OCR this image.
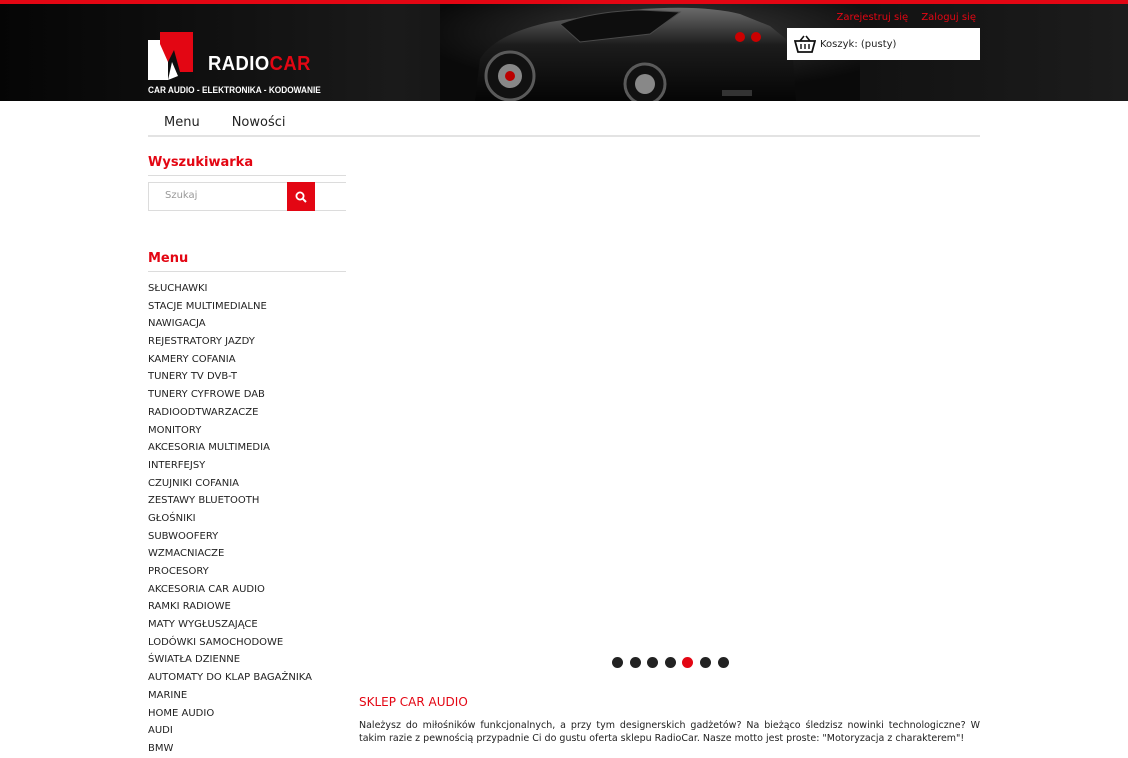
RADIOCAR
CAR AUDIO - ELEKTRONIKA - KODOWANIE
Zarejestruj się Zaloguj się
Koszyk: (pusty)
Menu	Nowości
Wyszukiwarka
Szukaj
Menu
SŁUCHAWKI
STACJE MULTIMEDIALNE
NAWIGACJA
REJESTRATORY JAZDY
KAMERY COFANIA
TUNERY TV DVB-T
TUNERY CYFROWE DAB
RADIOODTWARZACZE
MONITORY
AKCESORIA MULTIMEDIA
INTERFEJSY
CZUJNIKI COFANIA
ZESTAWY BLUETOOTH
GŁOŚNIKI
SUBWOOFERY
WZMACNIACZE
PROCESORY
AKCESORIA CAR AUDIO
RAMKI RADIOWE
MATY WYGŁUSZAJĄCE
LODÓWKI SAMOCHODOWE
ŚWIATŁA DZIENNE
AUTOMATY DO KLAP BAGAŻNIKA
MARINE
HOME AUDIO
AUDI
BMW
SKLEP CAR AUDIO

Należysz do miłośników funkcjonalnych, a przy tym designerskich gadżetów? Na bieżąco śledzisz nowinki technologiczne? W takim razie z pewnością przypadnie Ci do gustu oferta sklepu RadioCar. Nasze motto jest proste: "Motoryzacja z charakterem"!
